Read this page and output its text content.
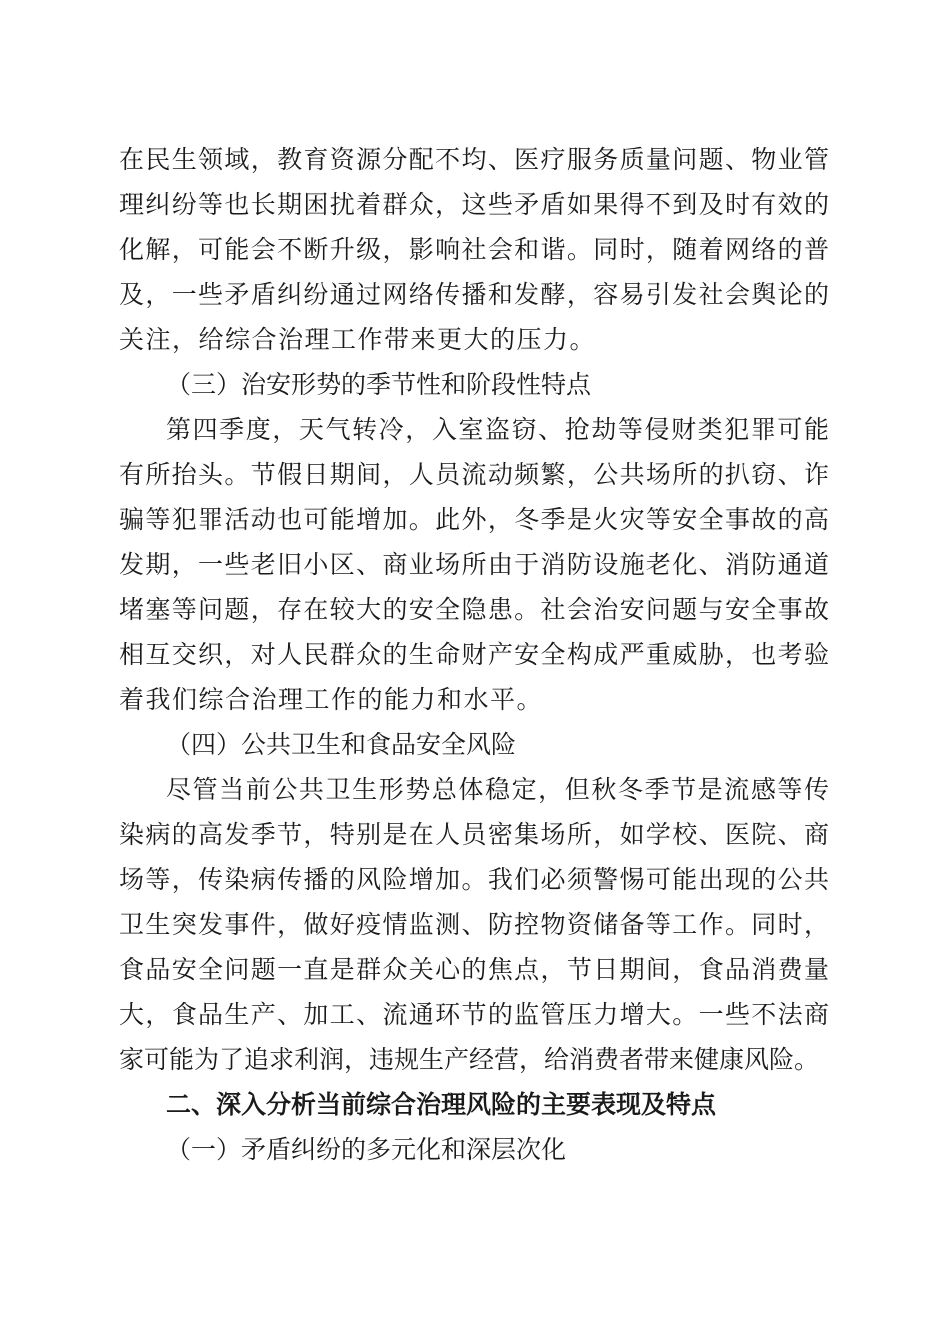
在民生领域，教育资源分配不均、医疗服务质量问题、物业管
理纠纷等也长期困扰着群众，这些矛盾如果得不到及时有效的
化解，可能会不断升级，影响社会和谐。同时，随着网络的普
及，一些矛盾纠纷通过网络传播和发酵，容易引发社会舆论的
关注，给综合治理工作带来更大的压力。
（三）治安形势的季节性和阶段性特点
第四季度，天气转冷，入室盗窃、抢劫等侵财类犯罪可能
有所抬头。节假日期间，人员流动频繁，公共场所的扒窃、诈
骗等犯罪活动也可能增加。此外，冬季是火灾等安全事故的高
发期，一些老旧小区、商业场所由于消防设施老化、消防通道
堵塞等问题，存在较大的安全隐患。社会治安问题与安全事故
相互交织，对人民群众的生命财产安全构成严重威胁，也考验
着我们综合治理工作的能力和水平。
（四）公共卫生和食品安全风险
尽管当前公共卫生形势总体稳定，但秋冬季节是流感等传
染病的高发季节，特别是在人员密集场所，如学校、医院、商
场等，传染病传播的风险增加。我们必须警惕可能出现的公共
卫生突发事件，做好疫情监测、防控物资储备等工作。同时，
食品安全问题一直是群众关心的焦点，节日期间，食品消费量
大，食品生产、加工、流通环节的监管压力增大。一些不法商
家可能为了追求利润，违规生产经营，给消费者带来健康风险。
二、深入分析当前综合治理风险的主要表现及特点
（一）矛盾纠纷的多元化和深层次化
